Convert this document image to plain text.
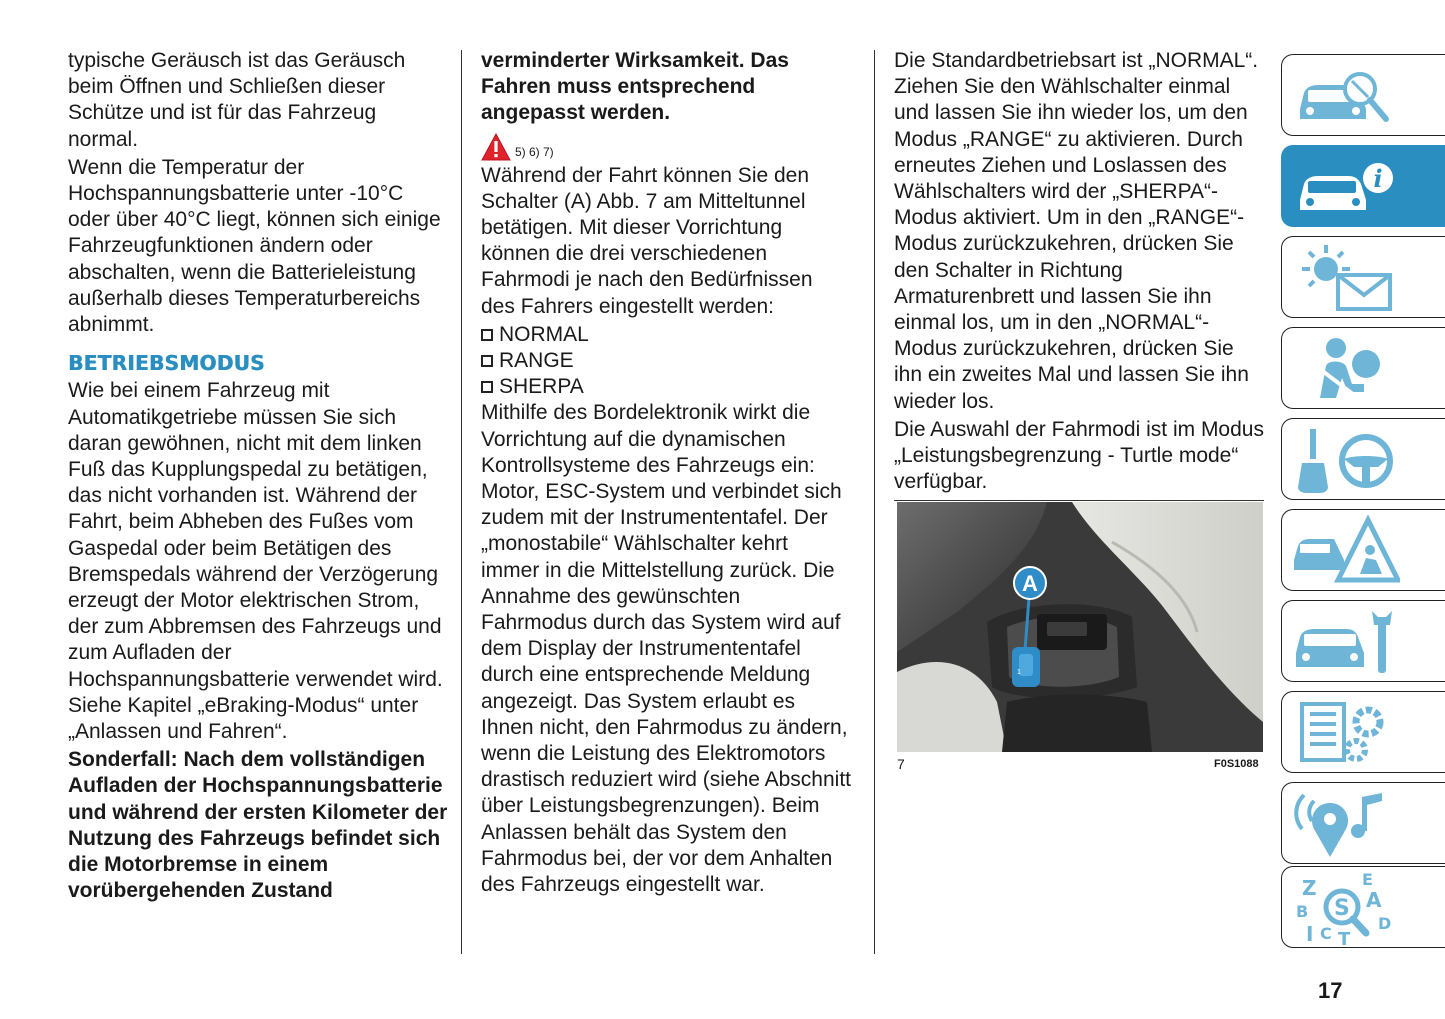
typische Geräusch ist das Geräusch beim Öffnen und Schließen dieser Schütze und ist für das Fahrzeug normal.

Wenn die Temperatur der Hochspannungsbatterie unter -10°C oder über 40°C liegt, können sich einige Fahrzeugfunktionen ändern oder abschalten, wenn die Batterieleistung außerhalb dieses Temperaturbereichs abnimmt.

BETRIEBSMODUS

Wie bei einem Fahrzeug mit Automatikgetriebe müssen Sie sich daran gewöhnen, nicht mit dem linken Fuß das Kupplungspedal zu betätigen, das nicht vorhanden ist. Während der Fahrt, beim Abheben des Fußes vom Gaspedal oder beim Betätigen des Bremspedals während der Verzögerung erzeugt der Motor elektrischen Strom, der zum Abbremsen des Fahrzeugs und zum Aufladen der Hochspannungsbatterie verwendet wird. Siehe Kapitel „eBraking-Modus“ unter „Anlassen und Fahren“.

Sonderfall: Nach dem vollständigen Aufladen der Hochspannungsbatterie und während der ersten Kilometer der Nutzung des Fahrzeugs befindet sich die Motorbremse in einem vorübergehenden Zustand

verminderter Wirksamkeit. Das Fahren muss entsprechend angepasst werden.

5) 6) 7)

Während der Fahrt können Sie den Schalter (A) Abb. 7 am Mitteltunnel betätigen. Mit dieser Vorrichtung können die drei verschiedenen Fahrmodi je nach den Bedürfnissen des Fahrers eingestellt werden:

NORMAL
RANGE
SHERPA

Mithilfe des Bordelektronik wirkt die Vorrichtung auf die dynamischen Kontrollsysteme des Fahrzeugs ein: Motor, ESC-System und verbindet sich zudem mit der Instrumententafel. Der „monostabile“ Wählschalter kehrt immer in die Mittelstellung zurück. Die Annahme des gewünschten Fahrmodus durch das System wird auf dem Display der Instrumententafel durch eine entsprechende Meldung angezeigt. Das System erlaubt es Ihnen nicht, den Fahrmodus zu ändern, wenn die Leistung des Elektromotors drastisch reduziert wird (siehe Abschnitt über Leistungsbegrenzungen). Beim Anlassen behält das System den Fahrmodus bei, der vor dem Anhalten des Fahrzeugs eingestellt war.

Die Standardbetriebsart ist „NORMAL“. Ziehen Sie den Wählschalter einmal und lassen Sie ihn wieder los, um den Modus „RANGE“ zu aktivieren. Durch erneutes Ziehen und Loslassen des Wählschalters wird der „SHERPA“-Modus aktiviert. Um in den „RANGE“-Modus zurückzukehren, drücken Sie den Schalter in Richtung Armaturenbrett und lassen Sie ihn einmal los, um in den „NORMAL“-Modus zurückzukehren, drücken Sie ihn ein zweites Mal und lassen Sie ihn wieder los.

Die Auswahl der Fahrmodi ist im Modus „Leistungsbegrenzung - Turtle mode“ verfügbar.

A
1
7	F0S1088
i
Z	E
S A
B
C
D
I T
17
